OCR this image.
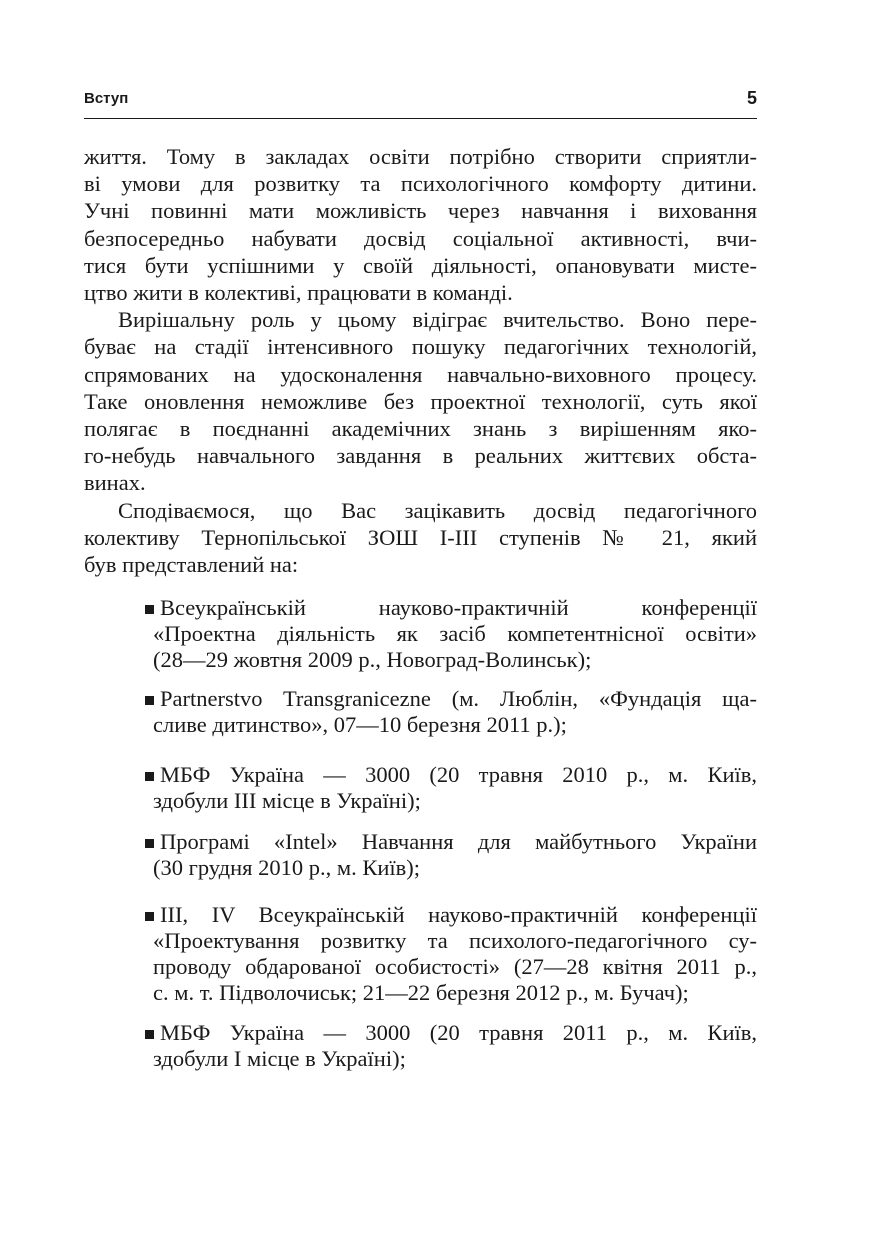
Вступ	5
життя. Тому в закладах освіти потрібно створити сприятли-
ві умови для розвитку та психологічного комфорту дитини.
Учні повинні мати можливість через навчання і виховання
безпосередньо набувати досвід соціальної активності, вчи-
тися бути успішними у своїй діяльності, опановувати мисте-
цтво жити в колективі, працювати в команді.
Вирішальну роль у цьому відіграє вчительство. Воно пере-
буває на стадії інтенсивного пошуку педагогічних технологій,
спрямованих на удосконалення навчально-виховного процесу.
Таке оновлення неможливе без проектної технології, суть якої
полягає в поєднанні академічних знань з вирішенням яко-
го-небудь навчального завдання в реальних життєвих обста-
винах.
Сподіваємося, що Вас зацікавить досвід педагогічного
колективу Тернопільської ЗОШ І-ІІІ ступенів № 21, який
був представлений на:
Всеукраїнській науково-практичній конференції
«Проектна діяльність як засіб компетентнісної освіти»
(28—29 жовтня 2009 р., Новоград-Волинськ);
Partnerstvo Transgranicezne (м. Люблін, «Фундація ща-
сливе дитинство», 07—10 березня 2011 р.);
МБФ Україна — 3000 (20 травня 2010 р., м. Київ,
здобули ІІІ місце в Україні);
Програмі «Intel» Навчання для майбутнього України
(30 грудня 2010 р., м. Київ);
ІІІ, IV Всеукраїнській науково-практичній конференції
«Проектування розвитку та психолого-педагогічного су-
проводу обдарованої особистості» (27—28 квітня 2011 р.,
с. м. т. Підволочиськ; 21—22 березня 2012 р., м. Бучач);
МБФ Україна — 3000 (20 травня 2011 р., м. Київ,
здобули І місце в Україні);
